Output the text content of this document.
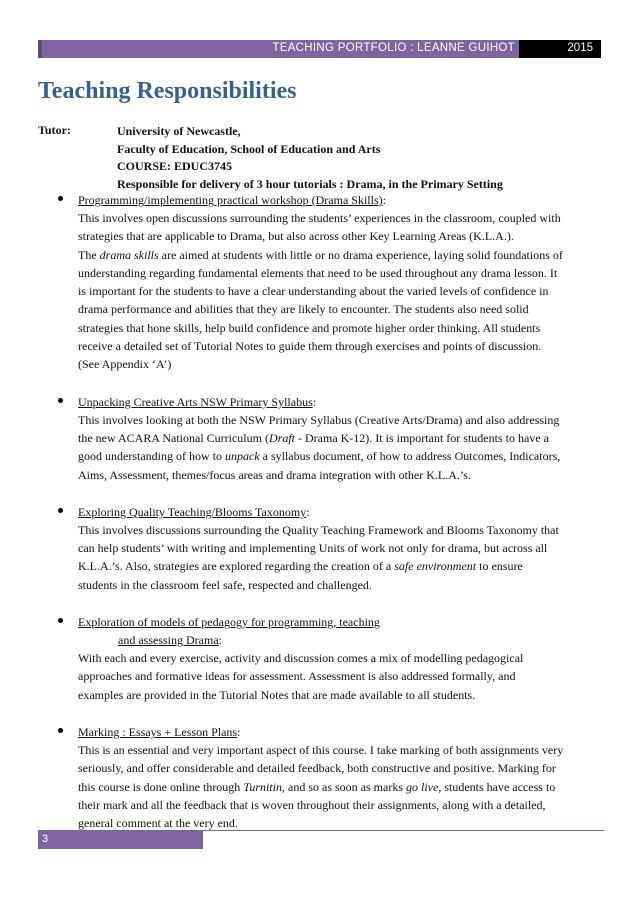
TEACHING PORTFOLIO : LEANNE GUIHOT	2015
Teaching Responsibilities
Tutor:	University of Newcastle,
Faculty of Education, School of Education and Arts
COURSE: EDUC3745
Responsible for delivery of 3 hour tutorials : Drama, in the Primary Setting
Programming/implementing practical workshop (Drama Skills):
This involves open discussions surrounding the students’ experiences in the classroom, coupled with
strategies that are applicable to Drama, but also across other Key Learning Areas (K.L.A.).
The drama skills are aimed at students with little or no drama experience, laying solid foundations of
understanding regarding fundamental elements that need to be used throughout any drama lesson. It
is important for the students to have a clear understanding about the varied levels of confidence in
drama performance and abilities that they are likely to encounter. The students also need solid
strategies that hone skills, help build confidence and promote higher order thinking. All students
receive a detailed set of Tutorial Notes to guide them through exercises and points of discussion.
(See Appendix ‘A’)
Unpacking Creative Arts NSW Primary Syllabus:
This involves looking at both the NSW Primary Syllabus (Creative Arts/Drama) and also addressing
the new ACARA National Curriculum (Draft - Drama K-12). It is important for students to have a
good understanding of how to unpack a syllabus document, of how to address Outcomes, Indicators,
Aims, Assessment, themes/focus areas and drama integration with other K.L.A.’s.
Exploring Quality Teaching/Blooms Taxonomy:
This involves discussions surrounding the Quality Teaching Framework and Blooms Taxonomy that
can help students’ with writing and implementing Units of work not only for drama, but across all
K.L.A.’s. Also, strategies are explored regarding the creation of a safe environment to ensure
students in the classroom feel safe, respected and challenged.
Exploration of models of pedagogy for programming, teaching
and assessing Drama:
With each and every exercise, activity and discussion comes a mix of modelling pedagogical
approaches and formative ideas for assessment. Assessment is also addressed formally, and
examples are provided in the Tutorial Notes that are made available to all students.
Marking : Essays + Lesson Plans:
This is an essential and very important aspect of this course. I take marking of both assignments very
seriously, and offer considerable and detailed feedback, both constructive and positive. Marking for
this course is done online through Turnitin, and so as soon as marks go live, students have access to
their mark and all the feedback that is woven throughout their assignments, along with a detailed,
general comment at the very end.
3
